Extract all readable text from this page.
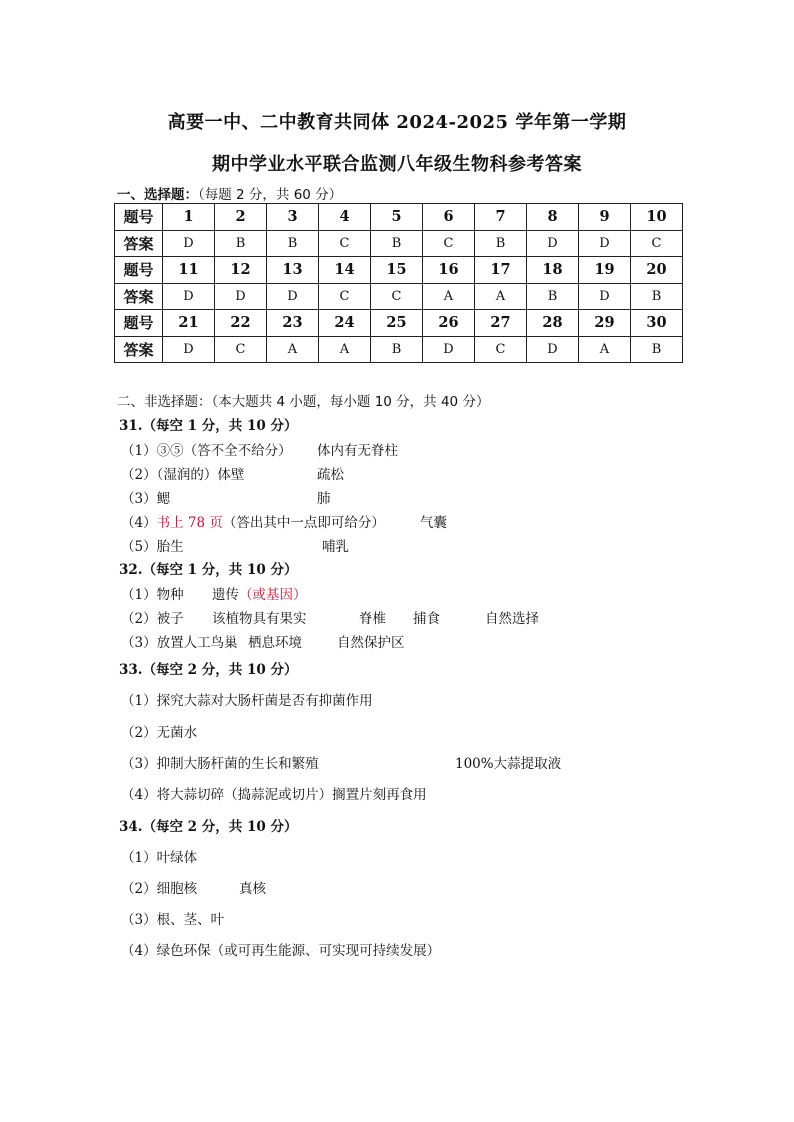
高要一中、二中教育共同体 2024-2025 学年第一学期
期中学业水平联合监测八年级生物科参考答案
一、选择题：（每题 2 分，共 60 分）
题号	1	2	3	4	5	6	7	8	9	10
答案	D	B	B	C	B	C	B	D	D	C
题号	11	12	13	14	15	16	17	18	19	20
答案	D	D	D	C	C	A	A	B	D	B
题号	21	22	23	24	25	26	27	28	29	30
答案	D	C	A	A	B	D	C	D	A	B
二、非选择题：（本大题共 4 小题，每小题 10 分，共 40 分）
31.（每空 1 分，共 10 分）
（1）③⑤（答不全不给分） 体内有无脊柱
（2）（湿润的）体壁	疏松
（3）鳃	肺
（4）书上 78 页（答出其中一点即可给分）	气囊
（5）胎生	哺乳
32.（每空 1 分，共 10 分）
（1）物种 遗传（或基因）
（2）被子 该植物具有果实	脊椎 捕食	自然选择
（3）放置人工鸟巢 栖息环境	自然保护区
33.（每空 2 分，共 10 分）
（1）探究大蒜对大肠杆菌是否有抑菌作用
（2）无菌水
（3）抑制大肠杆菌的生长和繁殖	100%大蒜提取液
（4）将大蒜切碎（捣蒜泥或切片）搁置片刻再食用
34.（每空 2 分，共 10 分）
（1）叶绿体
（2）细胞核	真核
（3）根、茎、叶
（4）绿色环保（或可再生能源、可实现可持续发展）
